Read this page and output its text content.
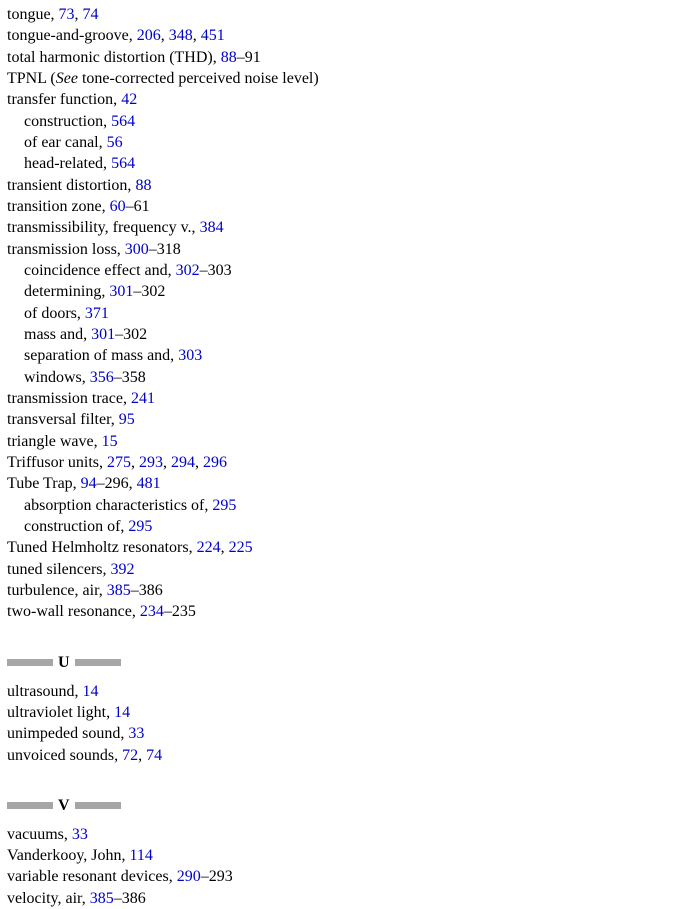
tongue, 73, 74
tongue-and-groove, 206, 348, 451
total harmonic distortion (THD), 88–91
TPNL (See tone-corrected perceived noise level)
transfer function, 42
construction, 564
of ear canal, 56
head-related, 564
transient distortion, 88
transition zone, 60–61
transmissibility, frequency v., 384
transmission loss, 300–318
coincidence effect and, 302–303
determining, 301–302
of doors, 371
mass and, 301–302
separation of mass and, 303
windows, 356–358
transmission trace, 241
transversal filter, 95
triangle wave, 15
Triffusor units, 275, 293, 294, 296
Tube Trap, 94–296, 481
absorption characteristics of, 295
construction of, 295
Tuned Helmholtz resonators, 224, 225
tuned silencers, 392
turbulence, air, 385–386
two-wall resonance, 234–235
U
ultrasound, 14
ultraviolet light, 14
unimpeded sound, 33
unvoiced sounds, 72, 74
V
vacuums, 33
Vanderkooy, John, 114
variable resonant devices, 290–293
velocity, air, 385–386
